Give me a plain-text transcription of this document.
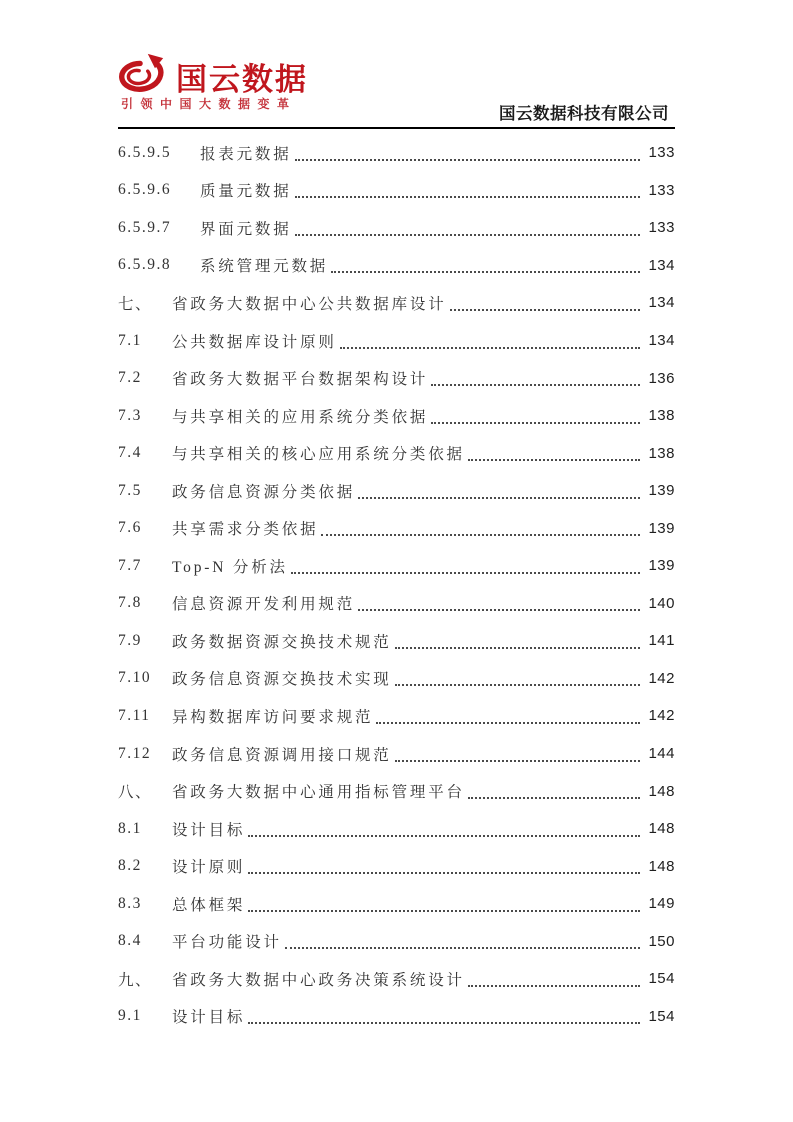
国云数据
引领中国大数据变革
国云数据科技有限公司
6.5.9.5	报表元数据	133
6.5.9.6	质量元数据	133
6.5.9.7	界面元数据	133
6.5.9.8	系统管理元数据	134
七、	省政务大数据中心公共数据库设计	134
7.1	公共数据库设计原则	134
7.2	省政务大数据平台数据架构设计	136
7.3	与共享相关的应用系统分类依据	138
7.4	与共享相关的核心应用系统分类依据	138
7.5	政务信息资源分类依据	139
7.6	共享需求分类依据	139
7.7	Top-N 分析法	139
7.8	信息资源开发利用规范	140
7.9	政务数据资源交换技术规范	141
7.10	政务信息资源交换技术实现	142
7.11	异构数据库访问要求规范	142
7.12	政务信息资源调用接口规范	144
八、	省政务大数据中心通用指标管理平台	148
8.1	设计目标	148
8.2	设计原则	148
8.3	总体框架	149
8.4	平台功能设计	150
九、	省政务大数据中心政务决策系统设计	154
9.1	设计目标	154
